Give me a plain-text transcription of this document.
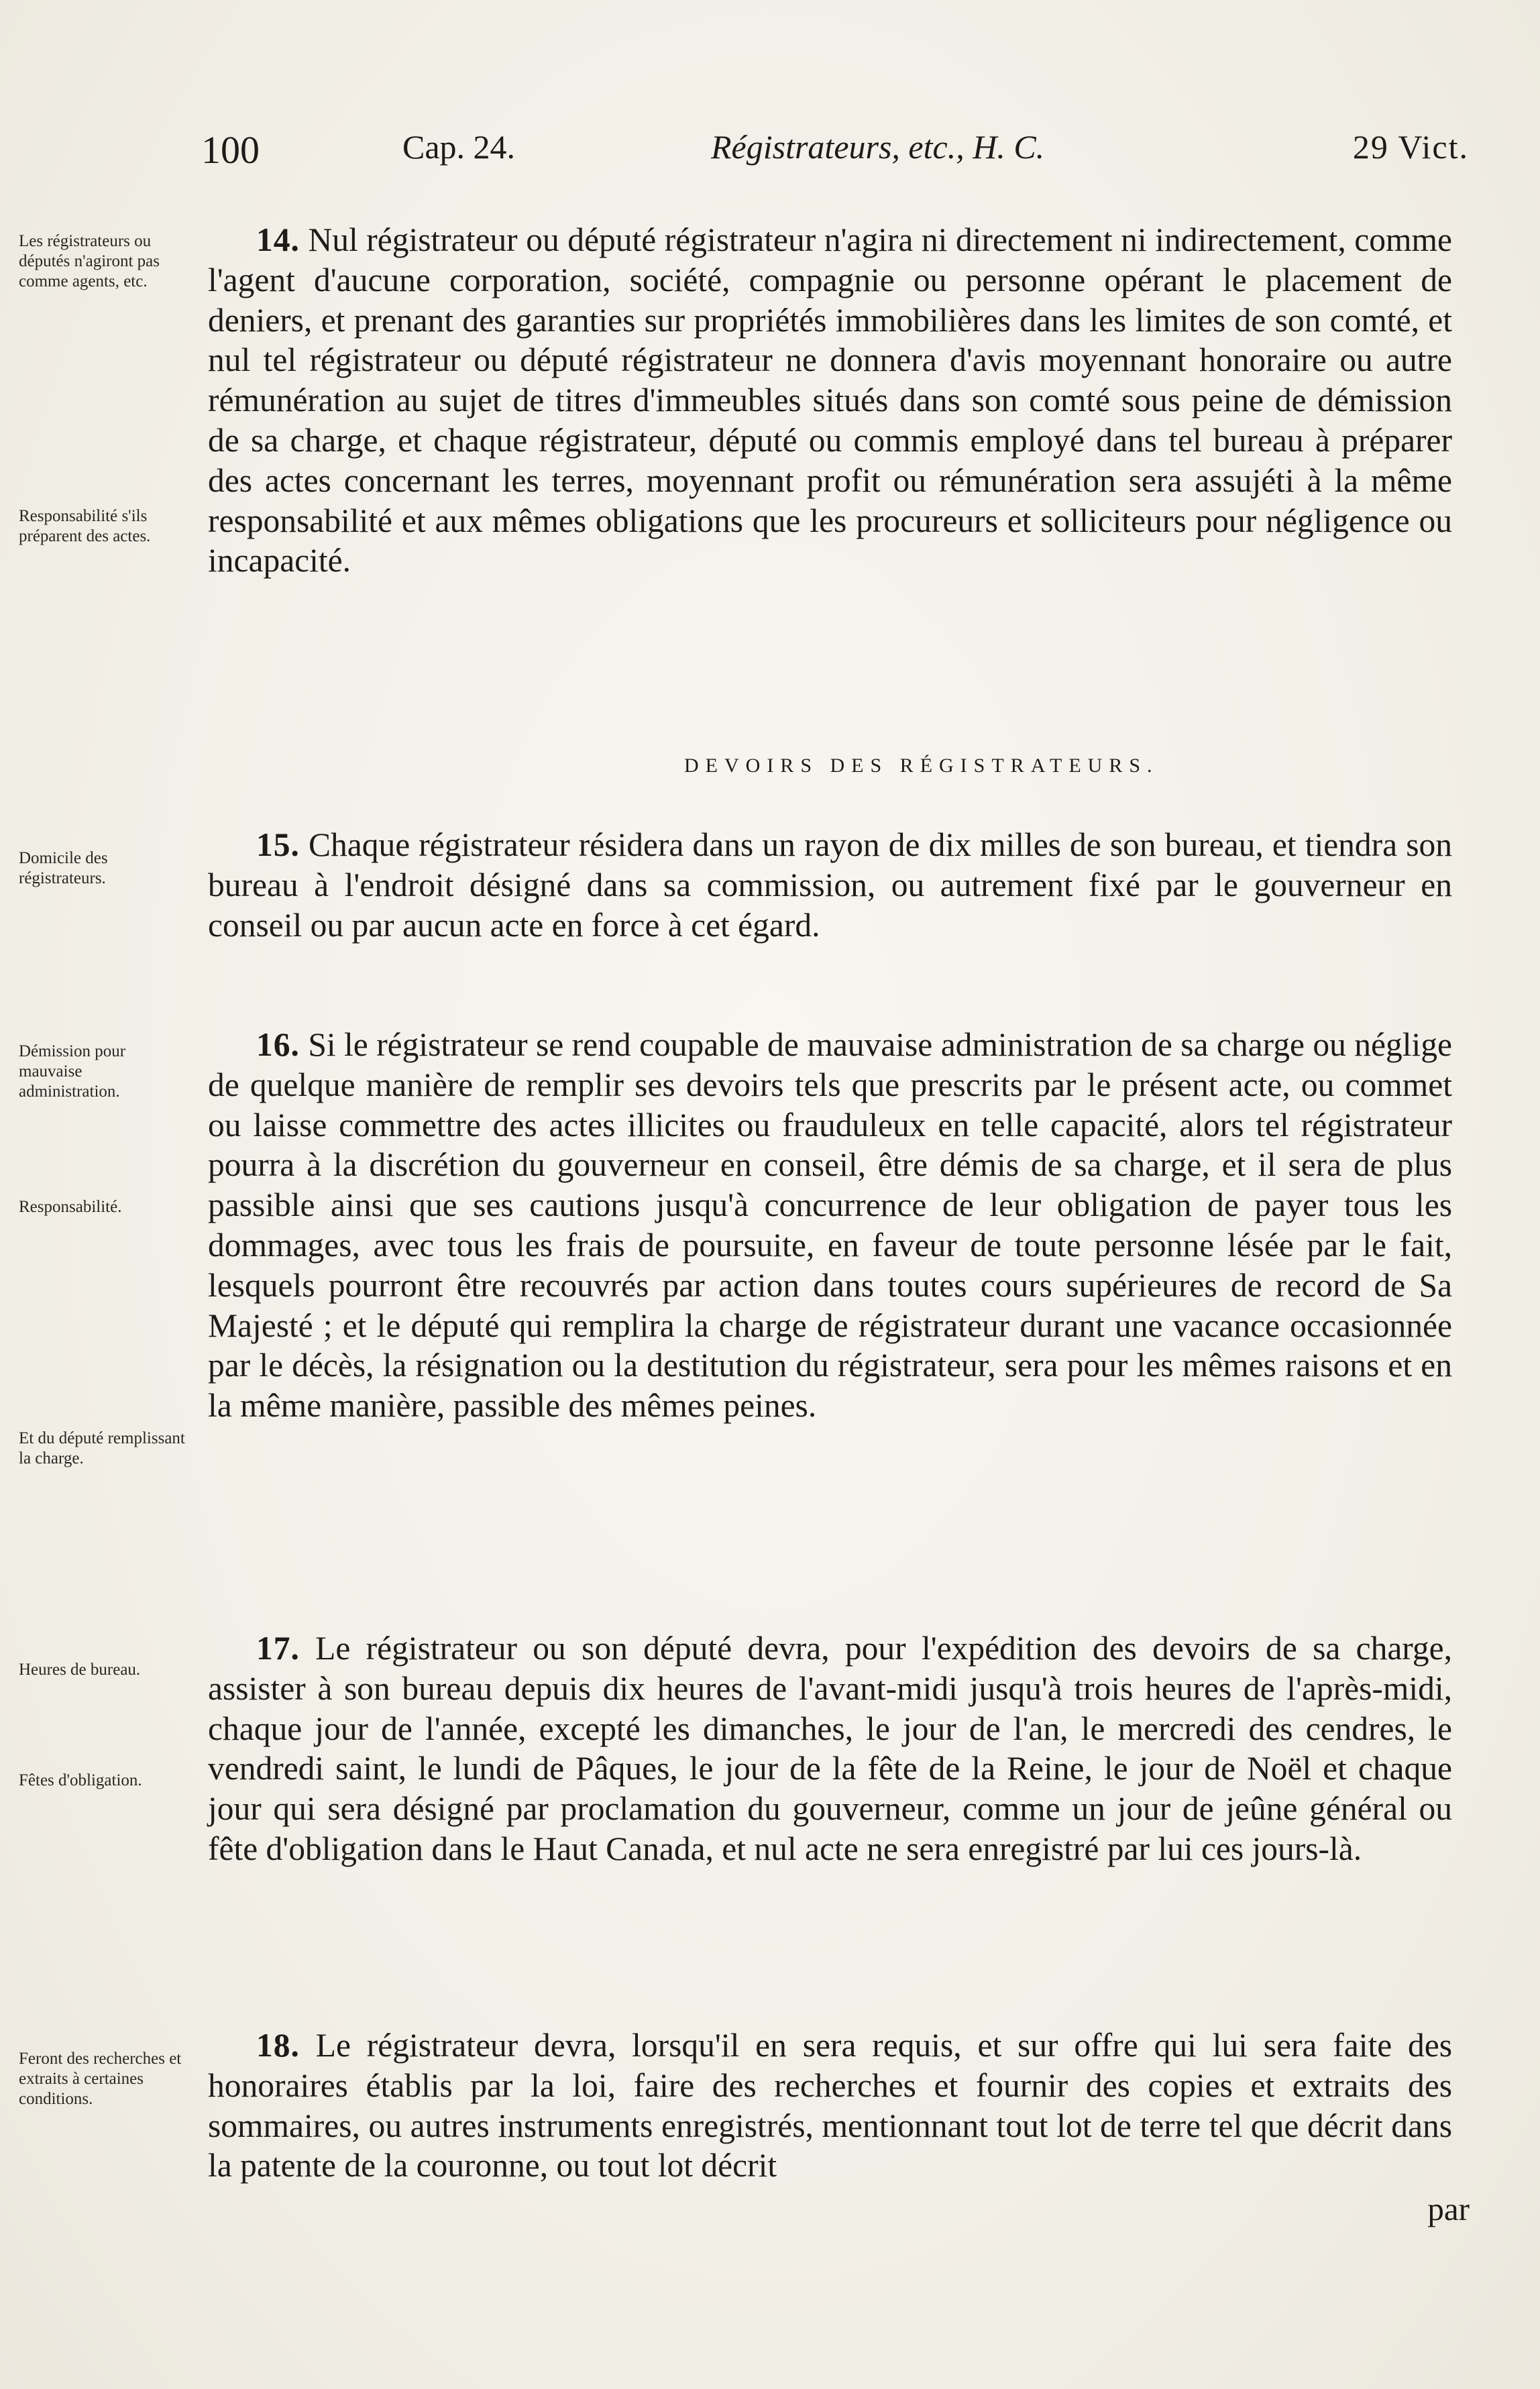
100	Cap. 24.	Régistrateurs, etc., H. C.	29 Vict.
Les régistrateurs ou députés n'agiront pas comme agents, etc.
Responsabilité s'ils préparent des actes.
Domicile des régistrateurs.
Démission pour mauvaise administration.
Responsabilité.
Et du député remplissant la charge.
Heures de bureau.
Fêtes d'obligation.
Feront des recherches et extraits à certaines conditions.
14. Nul régistrateur ou député régistrateur n'agira ni directement ni indirectement, comme l'agent d'aucune corporation, société, compagnie ou personne opérant le placement de deniers, et prenant des garanties sur propriétés immobilières dans les limites de son comté, et nul tel régistrateur ou député régistrateur ne donnera d'avis moyennant honoraire ou autre rémunération au sujet de titres d'immeubles situés dans son comté sous peine de démission de sa charge, et chaque régistrateur, député ou commis employé dans tel bureau à préparer des actes concernant les terres, moyennant profit ou rémunération sera assujéti à la même responsabilité et aux mêmes obligations que les procureurs et solliciteurs pour négligence ou incapacité.
DEVOIRS DES RÉGISTRATEURS.
15. Chaque régistrateur résidera dans un rayon de dix milles de son bureau, et tiendra son bureau à l'endroit désigné dans sa commission, ou autrement fixé par le gouverneur en conseil ou par aucun acte en force à cet égard.
16. Si le régistrateur se rend coupable de mauvaise administration de sa charge ou néglige de quelque manière de remplir ses devoirs tels que prescrits par le présent acte, ou commet ou laisse commettre des actes illicites ou frauduleux en telle capacité, alors tel régistrateur pourra à la discrétion du gouverneur en conseil, être démis de sa charge, et il sera de plus passible ainsi que ses cautions jusqu'à concurrence de leur obligation de payer tous les dommages, avec tous les frais de poursuite, en faveur de toute personne lésée par le fait, lesquels pourront être recouvrés par action dans toutes cours supérieures de record de Sa Majesté ; et le député qui remplira la charge de régistrateur durant une vacance occasionnée par le décès, la résignation ou la destitution du régistrateur, sera pour les mêmes raisons et en la même manière, passible des mêmes peines.
17. Le régistrateur ou son député devra, pour l'expédition des devoirs de sa charge, assister à son bureau depuis dix heures de l'avant-midi jusqu'à trois heures de l'après-midi, chaque jour de l'année, excepté les dimanches, le jour de l'an, le mercredi des cendres, le vendredi saint, le lundi de Pâques, le jour de la fête de la Reine, le jour de Noël et chaque jour qui sera désigné par proclamation du gouverneur, comme un jour de jeûne général ou fête d'obligation dans le Haut Canada, et nul acte ne sera enregistré par lui ces jours-là.
18. Le régistrateur devra, lorsqu'il en sera requis, et sur offre qui lui sera faite des honoraires établis par la loi, faire des recherches et fournir des copies et extraits des sommaires, ou autres instruments enregistrés, mentionnant tout lot de terre tel que décrit dans la patente de la couronne, ou tout lot décrit
par
